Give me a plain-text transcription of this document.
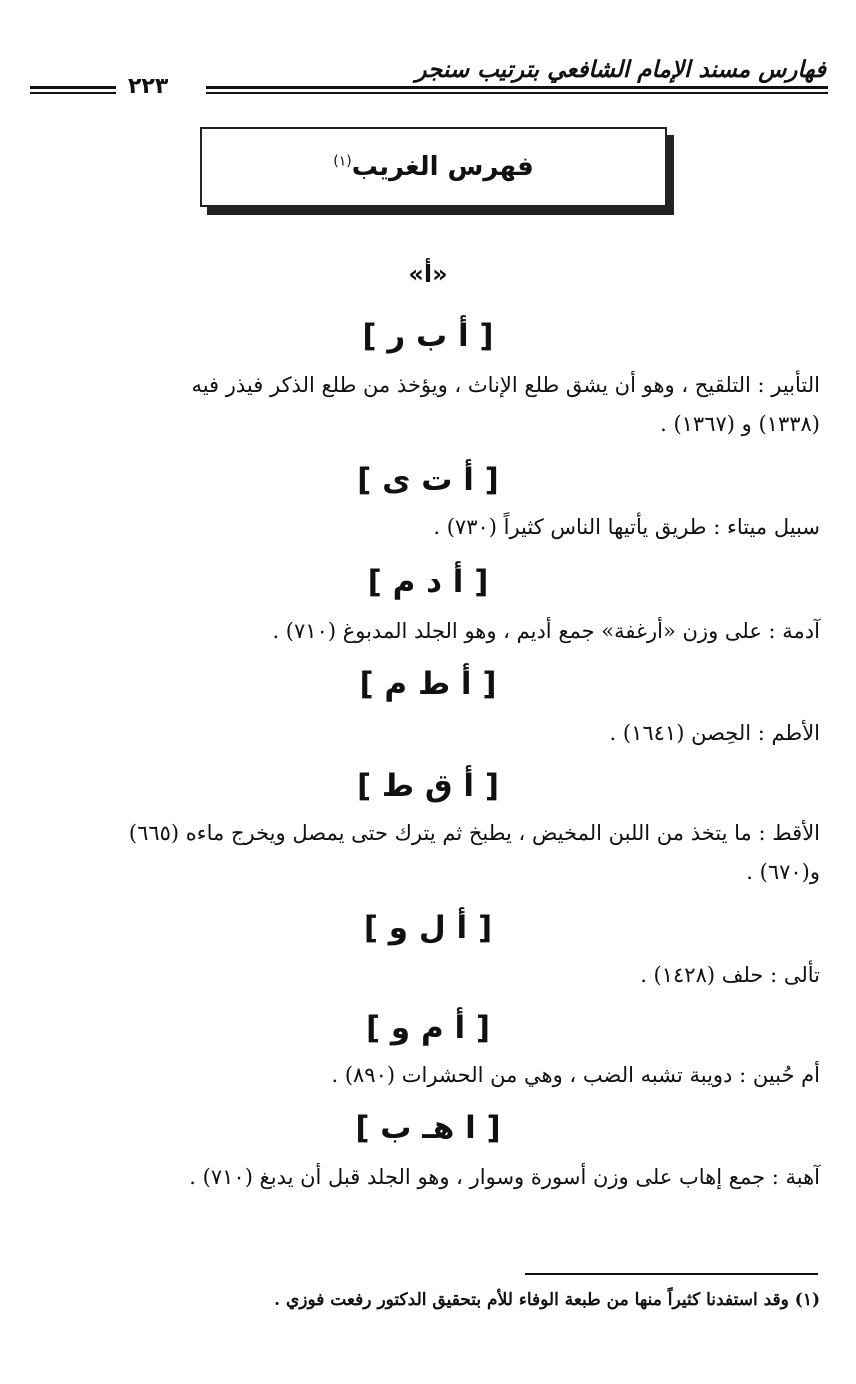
فهارس مسند الإمام الشافعي بترتيب سنجر
٢٢٣
فهرس الغريب$^{(١)}$
«أ»
[ أ ب ر ]
التأبير : التلقيح ، وهو أن يشق طلع الإناث ، ويؤخذ من طلع الذكر فيذر فيه
(١٣٣٨) و (١٣٦٧) .
[ أ ت ى ]
سبيل ميتاء : طريق يأتيها الناس كثيراً (٧٣٠) .
[ أ د م ]
آدمة : على وزن «أرغفة» جمع أديم ، وهو الجلد المدبوغ (٧١٠) .
[ أ ط م ]
الأطم : الحِصن (١٦٤١) .
[ أ ق ط ]
الأقط : ما يتخذ من اللبن المخيض ، يطبخ ثم يترك حتى يمصل ويخرج ماءه (٦٦٥)
و(٦٧٠) .
[ أ ل و ]
تألى : حلف (١٤٢٨) .
[ أ م و ]
أم حُبين : دويبة تشبه الضب ، وهي من الحشرات (٨٩٠) .
[ ا هـ ب ]
آهبة : جمع إهاب على وزن أسورة وسوار ، وهو الجلد قبل أن يدبغ (٧١٠) .
(١) وقد استفدنا كثيراً منها من طبعة الوفاء للأم بتحقيق الدكتور رفعت فوزي .
